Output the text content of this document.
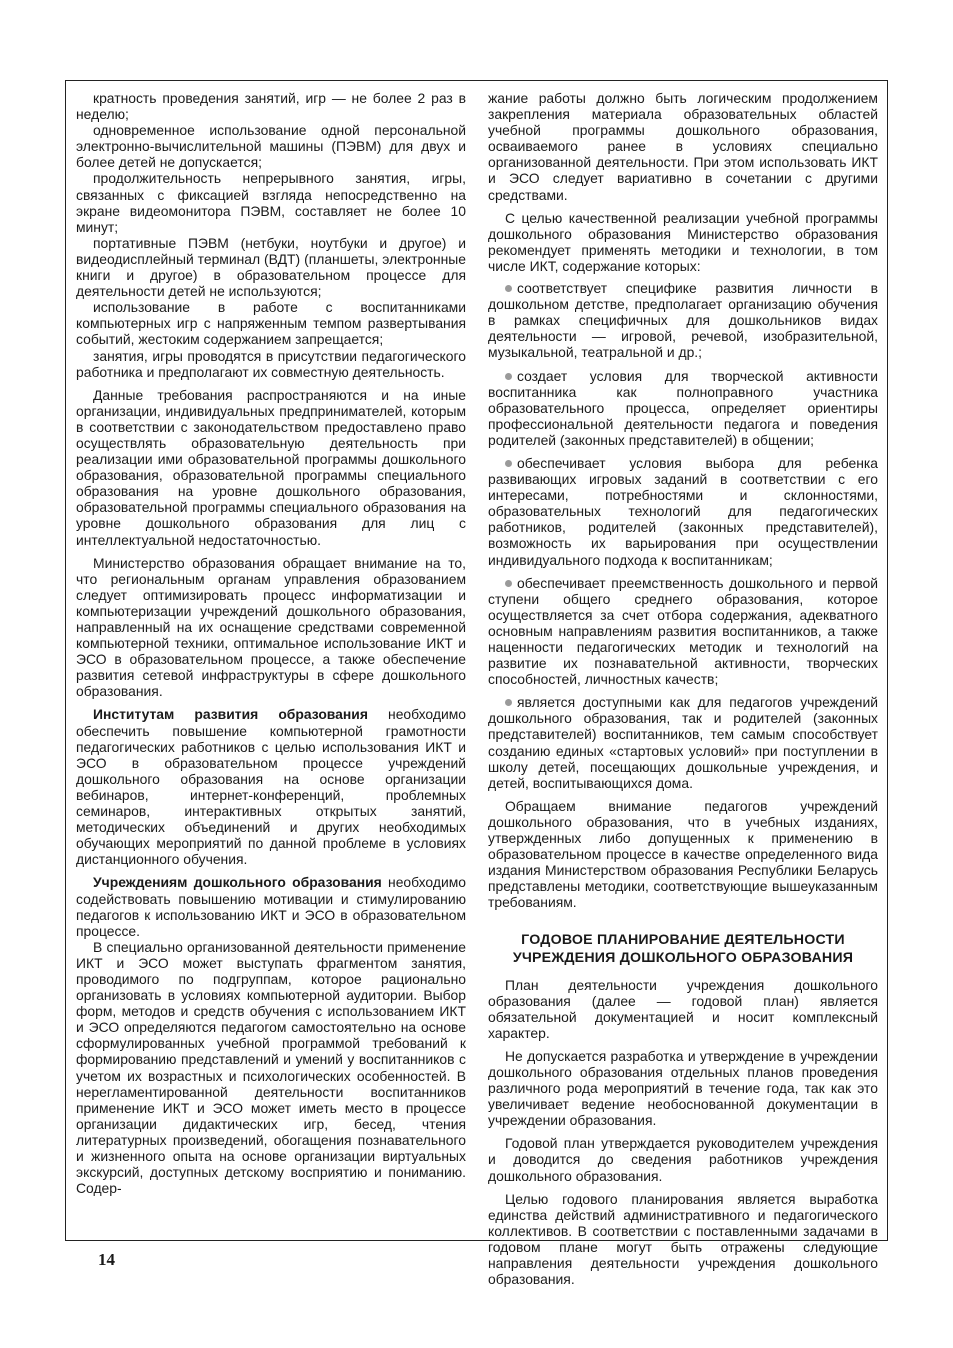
кратность проведения занятий, игр — не более 2 раз в неделю;

одновременное использование одной персональной электронно-вычислительной машины (ПЭВМ) для двух и более детей не допускается;

продолжительность непрерывного занятия, игры, связанных с фиксацией взгляда непосредственно на экране видеомонитора ПЭВМ, составляет не более 10 минут;

портативные ПЭВМ (нетбуки, ноутбуки и другое) и видеодисплейный терминал (ВДТ) (планшеты, электронные книги и другое) в образовательном процессе для деятельности детей не используются;

использование в работе с воспитанниками компьютерных игр с напряженным темпом развертывания событий, жестоким содержанием запрещается;

занятия, игры проводятся в присутствии педагогического работника и предполагают их совместную деятельность.

Данные требования распространяются и на иные организации, индивидуальных предпринимателей, которым в соответствии с законодательством предоставлено право осуществлять образовательную деятельность при реализации ими образовательной программы дошкольного образования, образовательной программы специального образования на уровне дошкольного образования, образовательной программы специального образования на уровне дошкольного образования для лиц с интеллектуальной недостаточностью.

Министерство образования обращает внимание на то, что региональным органам управления образованием следует оптимизировать процесс информатизации и компьютеризации учреждений дошкольного образования, направленный на их оснащение средствами современной компьютерной техники, оптимальное использование ИКТ и ЭСО в образовательном процессе, а также обеспечение развития сетевой инфраструктуры в сфере дошкольного образования.

Институтам развития образования необходимо обеспечить повышение компьютерной грамотности педагогических работников с целью использования ИКТ и ЭСО в образовательном процессе учреждений дошкольного образования на основе организации вебинаров, интернет-конференций, проблемных семинаров, интерактивных открытых занятий, методических объединений и других необходимых обучающих мероприятий по данной проблеме в условиях дистанционного обучения.

Учреждениям дошкольного образования необходимо содействовать повышению мотивации и стимулированию педагогов к использованию ИКТ и ЭСО в образовательном процессе.

В специально организованной деятельности применение ИКТ и ЭСО может выступать фрагментом занятия, проводимого по подгруппам, которое рационально организовать в условиях компьютерной аудитории. Выбор форм, методов и средств обучения с использованием ИКТ и ЭСО определяются педагогом самостоятельно на основе сформулированных учебной программой требований к формированию представлений и умений у воспитанников с учетом их возрастных и психологических особенностей. В нерегламентированной деятельности воспитанников применение ИКТ и ЭСО может иметь место в процессе организации дидактических игр, бесед, чтения литературных произведений, обогащения познавательного и жизненного опыта на основе организации виртуальных экскурсий, доступных детскому восприятию и пониманию. Содер-

жание работы должно быть логическим продолжением закрепления материала образовательных областей учебной программы дошкольного образования, осваиваемого ранее в условиях специально организованной деятельности. При этом использовать ИКТ и ЭСО следует вариативно в сочетании с другими средствами.

С целью качественной реализации учебной программы дошкольного образования Министерство образования рекомендует применять методики и технологии, в том числе ИКТ, содержание которых:

соответствует специфике развития личности в дошкольном детстве, предполагает организацию обучения в рамках специфичных для дошкольников видах деятельности — игровой, речевой, изобразительной, музыкальной, театральной и др.;

создает условия для творческой активности воспитанника как полноправного участника образовательного процесса, определяет ориентиры профессиональной деятельности педагога и поведения родителей (законных представителей) в общении;

обеспечивает условия выбора для ребенка развивающих игровых заданий в соответствии с его интересами, потребностями и склонностями, образовательных технологий для педагогических работников, родителей (законных представителей), возможность их варьирования при осуществлении индивидуального подхода к воспитанникам;

обеспечивает преемственность дошкольного и первой ступени общего среднего образования, которое осуществляется за счет отбора содержания, адекватного основным направлениям развития воспитанников, а также наценности педагогических методик и технологий на развитие их познавательной активности, творческих способностей, личностных качеств;

является доступными как для педагогов учреждений дошкольного образования, так и родителей (законных представителей) воспитанников, тем самым способствует созданию единых «стартовых условий» при поступлении в школу детей, посещающих дошкольные учреждения, и детей, воспитывающихся дома.

Обращаем внимание педагогов учреждений дошкольного образования, что в учебных изданиях, утвержденных либо допущенных к применению в образовательном процессе в качестве определенного вида издания Министерством образования Республики Беларусь представлены методики, соответствующие вышеуказанным требованиям.

ГОДОВОЕ ПЛАНИРОВАНИЕ ДЕЯТЕЛЬНОСТИ
УЧРЕЖДЕНИЯ ДОШКОЛЬНОГО ОБРАЗОВАНИЯ

План деятельности учреждения дошкольного образования (далее — годовой план) является обязательной документацией и носит комплексный характер.

Не допускается разработка и утверждение в учреждении дошкольного образования отдельных планов проведения различного рода мероприятий в течение года, так как это увеличивает ведение необоснованной документации в учреждении образования.

Годовой план утверждается руководителем учреждения и доводится до сведения работников учреждения дошкольного образования.

Целью годового планирования является выработка единства действий административного и педагогического коллективов. В соответствии с поставленными задачами в годовом плане могут быть отражены следующие направления деятельности учреждения дошкольного образования.

14
